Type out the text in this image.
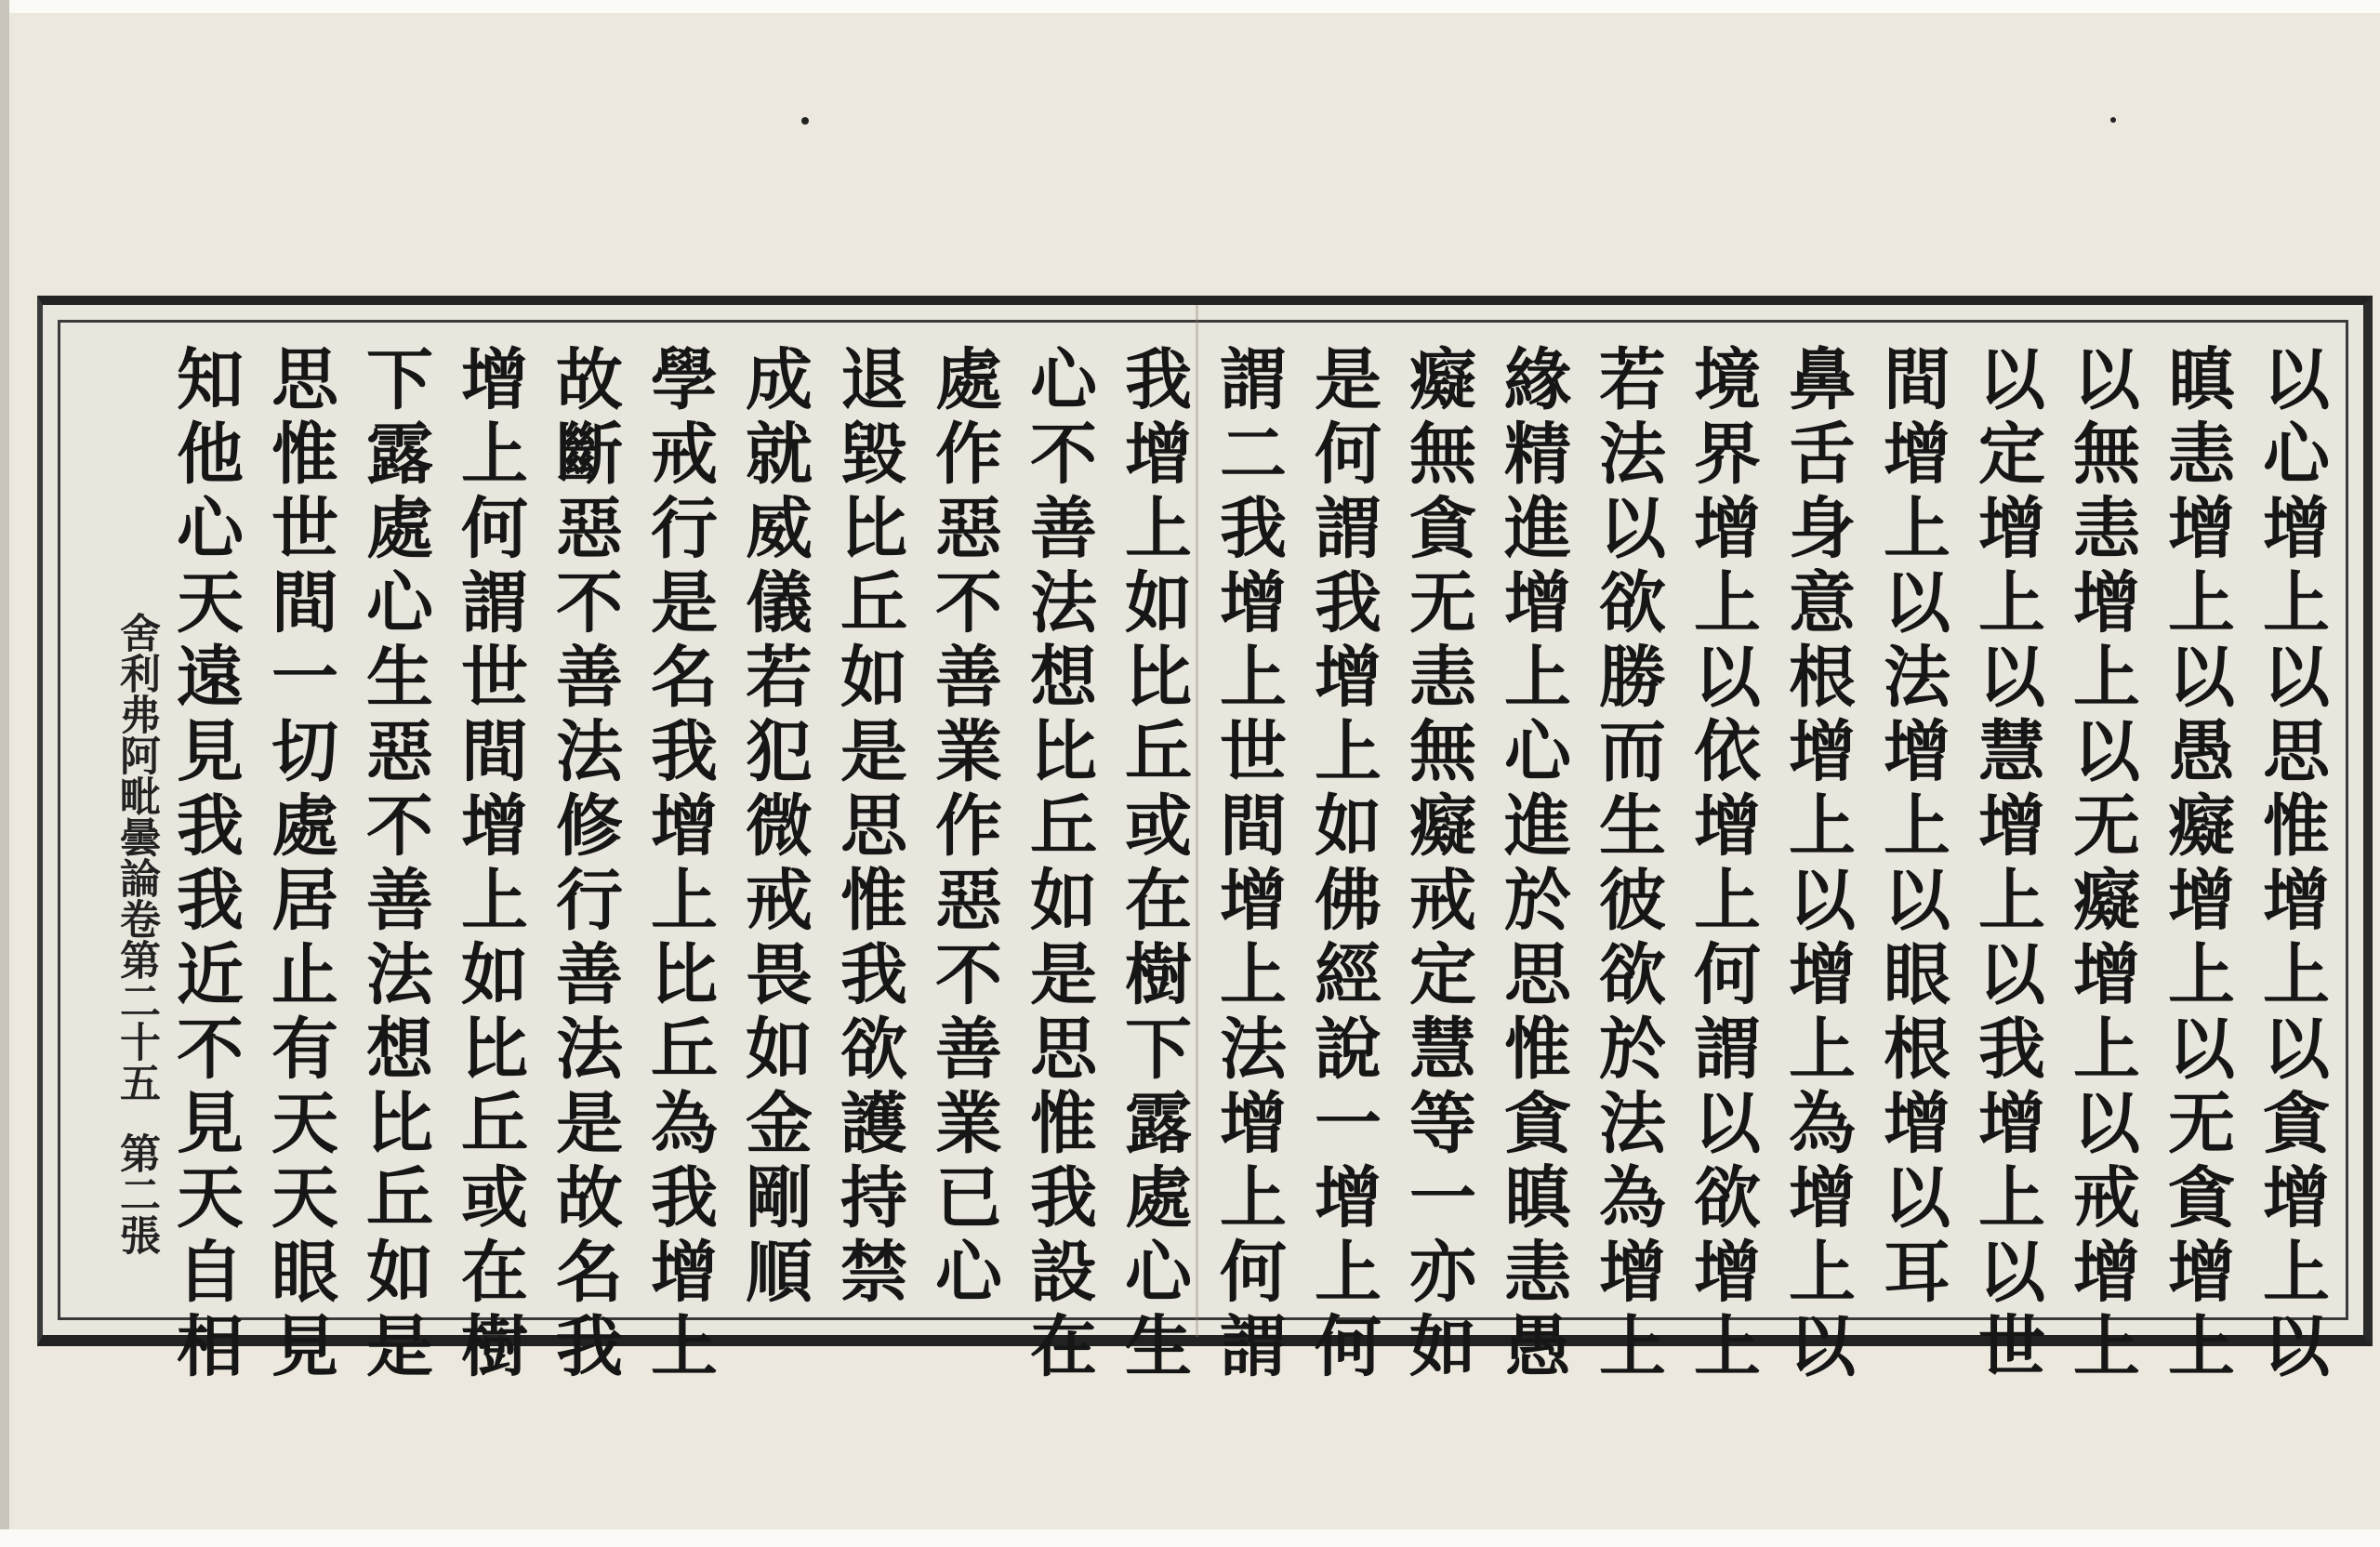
以心增上以思惟增上以貪增上以
瞋恚增上以愚癡增上以无貪增上
以無恚增上以无癡增上以戒增上
以定增上以慧增上以我增上以世
間增上以法增上以眼根增以耳
鼻舌身意根增上以增上為增上以
境界增上以依增上何謂以欲增上
若法以欲勝而生彼欲於法為增上
緣精進增上心進於思惟貪瞋恚愚
癡無貪无恚無癡戒定慧等一亦如
是何謂我增上如佛經說一增上何
謂二我增上世間增上法增上何謂
我增上如比丘或在樹下露處心生
心不善法想比丘如是思惟我設在
處作惡不善業作惡不善業已心
退毀比丘如是思惟我欲護持禁
成就威儀若犯微戒畏如金剛順
學戒行是名我增上比丘為我增上
故斷惡不善法修行善法是故名我
增上何謂世間增上如比丘或在樹
下露處心生惡不善法想比丘如是
思惟世間一切處居止有天天眼見
知他心天遠見我我近不見天自相
舍利弗阿毗曇論卷第二十五
第二張
